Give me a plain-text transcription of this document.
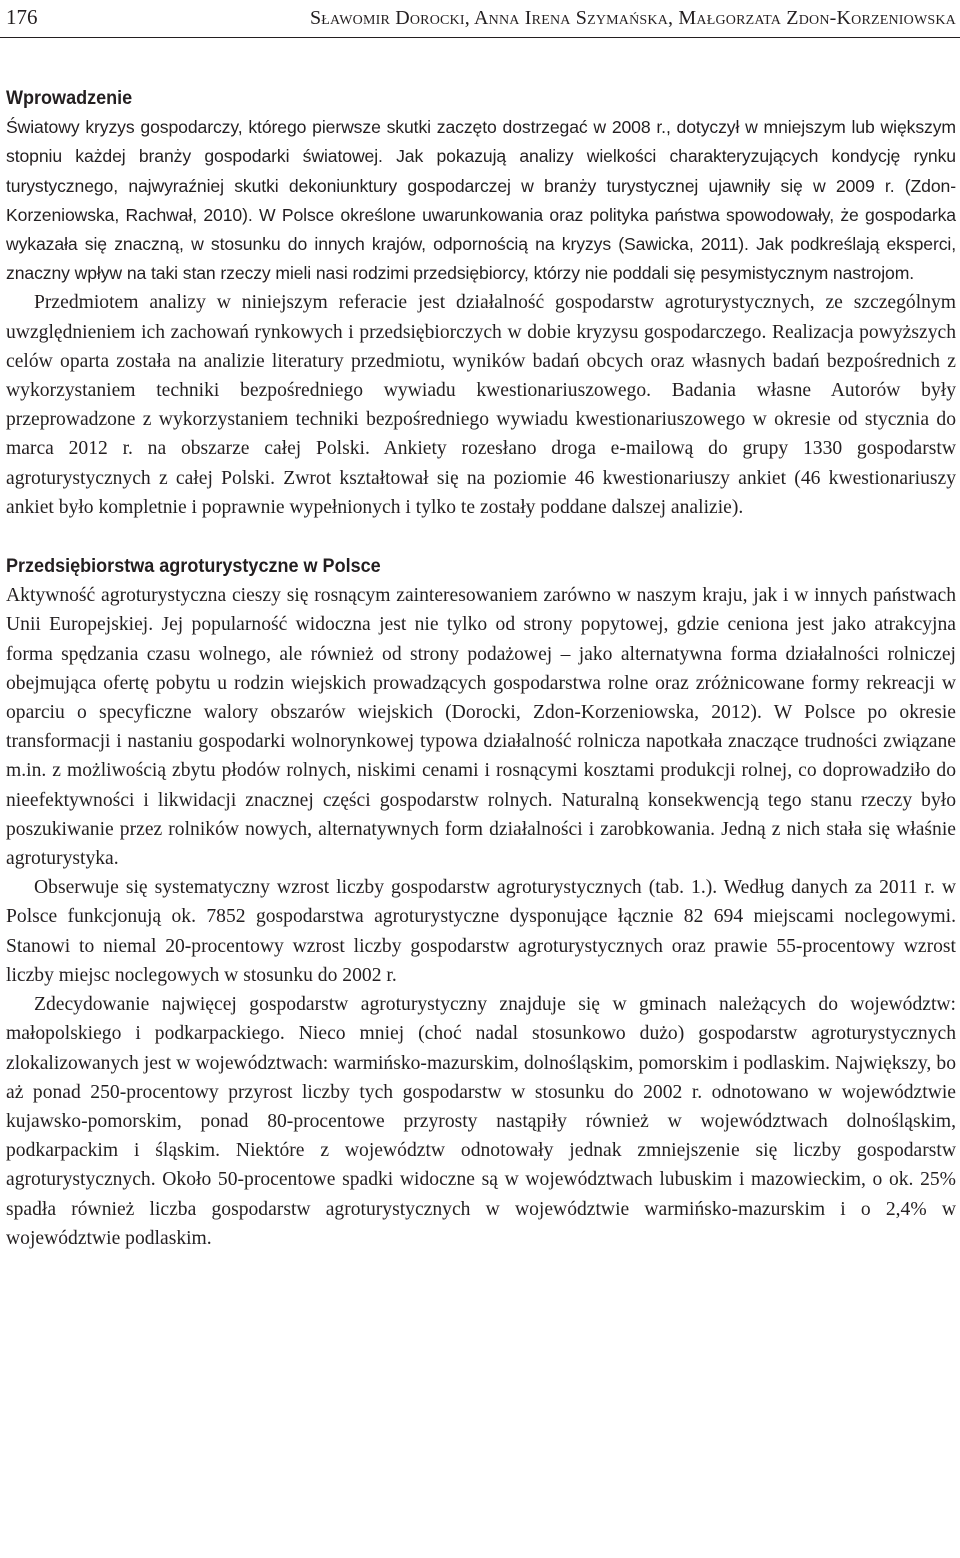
176	Sławomir Dorocki, Anna Irena Szymańska, Małgorzata Zdon-Korzeniowska
Wprowadzenie

Światowy kryzys gospodarczy, którego pierwsze skutki zaczęto dostrzegać w 2008 r., dotyczył w mniejszym lub większym stopniu każdej branży gospodarki światowej. Jak pokazują analizy wielkości charakteryzujących kondycję rynku turystycznego, najwyraźniej skutki dekoniunktury gospodarczej w branży turystycznej ujawniły się w 2009 r. (Zdon-Korzeniowska, Rachwał, 2010). W Polsce określone uwarunkowania oraz polityka państwa spowodowały, że gospodarka wykazała się znaczną, w stosunku do innych krajów, odpornością na kryzys (Sawicka, 2011). Jak podkreślają eksperci, znaczny wpływ na taki stan rzeczy mieli nasi rodzimi przedsiębiorcy, którzy nie poddali się pesymistycznym nastrojom.

Przedmiotem analizy w niniejszym referacie jest działalność gospodarstw agroturystycznych, ze szczególnym uwzględnieniem ich zachowań rynkowych i przedsiębiorczych w dobie kryzysu gospodarczego. Realizacja powyższych celów oparta została na analizie literatury przedmiotu, wyników badań obcych oraz własnych badań bezpośrednich z wykorzystaniem techniki bezpośredniego wywiadu kwestionariuszowego. Badania własne Autorów były przeprowadzone z wykorzystaniem techniki bezpośredniego wywiadu kwestionariuszowego w okresie od stycznia do marca 2012 r. na obszarze całej Polski. Ankiety rozesłano droga e-mailową do grupy 1330 gospodarstw agroturystycznych z całej Polski. Zwrot kształtował się na poziomie 46 kwestionariuszy ankiet (46 kwestionariuszy ankiet było kompletnie i poprawnie wypełnionych i tylko te zostały poddane dalszej analizie).

Przedsiębiorstwa agroturystyczne w Polsce

Aktywność agroturystyczna cieszy się rosnącym zainteresowaniem zarówno w naszym kraju, jak i w innych państwach Unii Europejskiej. Jej popularność widoczna jest nie tylko od strony popytowej, gdzie ceniona jest jako atrakcyjna forma spędzania czasu wolnego, ale również od strony podażowej – jako alternatywna forma działalności rolniczej obejmująca ofertę pobytu u rodzin wiejskich prowadzących gospodarstwa rolne oraz zróżnicowane formy rekreacji w oparciu o specyficzne walory obszarów wiejskich (Dorocki, Zdon-Korzeniowska, 2012). W Polsce po okresie transformacji i nastaniu gospodarki wolnorynkowej typowa działalność rolnicza napotkała znaczące trudności związane m.in. z możliwością zbytu płodów rolnych, niskimi cenami i rosnącymi kosztami produkcji rolnej, co doprowadziło do nieefektywności i likwidacji znacznej części gospodarstw rolnych. Naturalną konsekwencją tego stanu rzeczy było poszukiwanie przez rolników nowych, alternatywnych form działalności i zarobkowania. Jedną z nich stała się właśnie agroturystyka.

Obserwuje się systematyczny wzrost liczby gospodarstw agroturystycznych (tab. 1.). Według danych za 2011 r. w Polsce funkcjonują ok. 7852 gospodarstwa agroturystyczne dysponujące łącznie 82 694 miejscami noclegowymi. Stanowi to niemal 20-procentowy wzrost liczby gospodarstw agroturystycznych oraz prawie 55-procentowy wzrost liczby miejsc noclegowych w stosunku do 2002 r.

Zdecydowanie najwięcej gospodarstw agroturystyczny znajduje się w gminach należących do województw: małopolskiego i podkarpackiego. Nieco mniej (choć nadal stosunkowo dużo) gospodarstw agroturystycznych zlokalizowanych jest w województwach: warmińsko-mazurskim, dolnośląskim, pomorskim i podlaskim. Największy, bo aż ponad 250-procentowy przyrost liczby tych gospodarstw w stosunku do 2002 r. odnotowano w województwie kujawsko-pomorskim, ponad 80-procentowe przyrosty nastąpiły również w województwach dolnośląskim, podkarpackim i śląskim. Niektóre z województw odnotowały jednak zmniejszenie się liczby gospodarstw agroturystycznych. Około 50-procentowe spadki widoczne są w województwach lubuskim i mazowieckim, o ok. 25% spadła również liczba gospodarstw agroturystycznych w województwie warmińsko-mazurskim i o 2,4% w województwie podlaskim.
